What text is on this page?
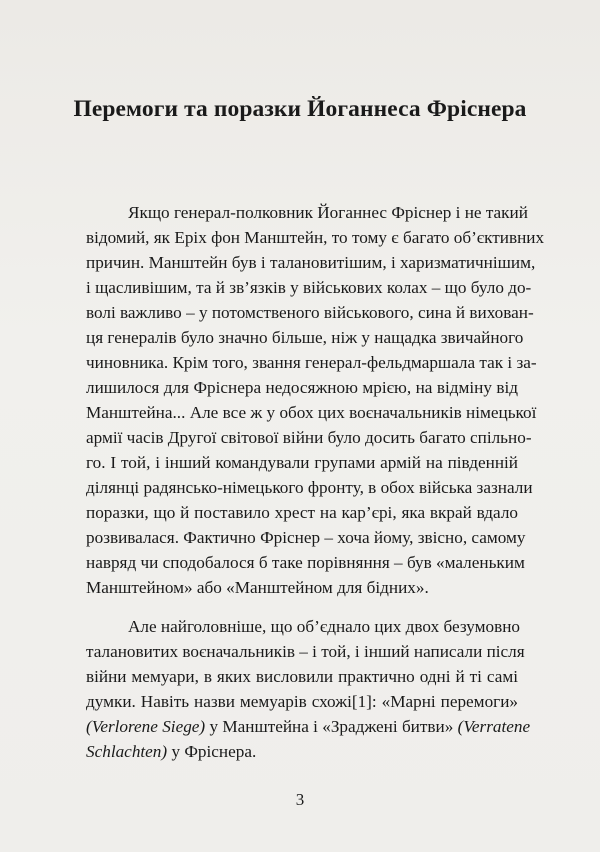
Перемоги та поразки Йоганнеса Фріснера
Якщо генерал-полковник Йоганнес Фріснер і не такий
відомий, як Еріх фон Манштейн, то тому є багато об’єктивних
причин. Манштейн був і талановитішим, і харизматичнішим,
і щасливішим, та й зв’язків у військових колах – що було до-
волі важливо – у потомственого військового, сина й вихован-
ця генералів було значно більше, ніж у нащадка звичайного
чиновника. Крім того, звання генерал-фельдмаршала так і за-
лишилося для Фріснера недосяжною мрією, на відміну від
Манштейна... Але все ж у обох цих воєначальників німецької
армії часів Другої світової війни було досить багато спільно-
го. І той, і інший командували групами армій на південній
ділянці радянсько-німецького фронту, в обох війська зазнали
поразки, що й поставило хрест на кар’єрі, яка вкрай вдало
розвивалася. Фактично Фріснер – хоча йому, звісно, самому
навряд чи сподобалося б таке порівняння – був «маленьким
Манштейном» або «Манштейном для бідних».
Але найголовніше, що об’єднало цих двох безумовно
талановитих воєначальників – і той, і інший написали після
війни мемуари, в яких висловили практично одні й ті самі
думки. Навіть назви мемуарів схожі[1]: «Марні перемоги»
(Verlorene Siege) у Манштейна і «Зраджені битви» (Verratene
Schlachten) у Фріснера.
3
